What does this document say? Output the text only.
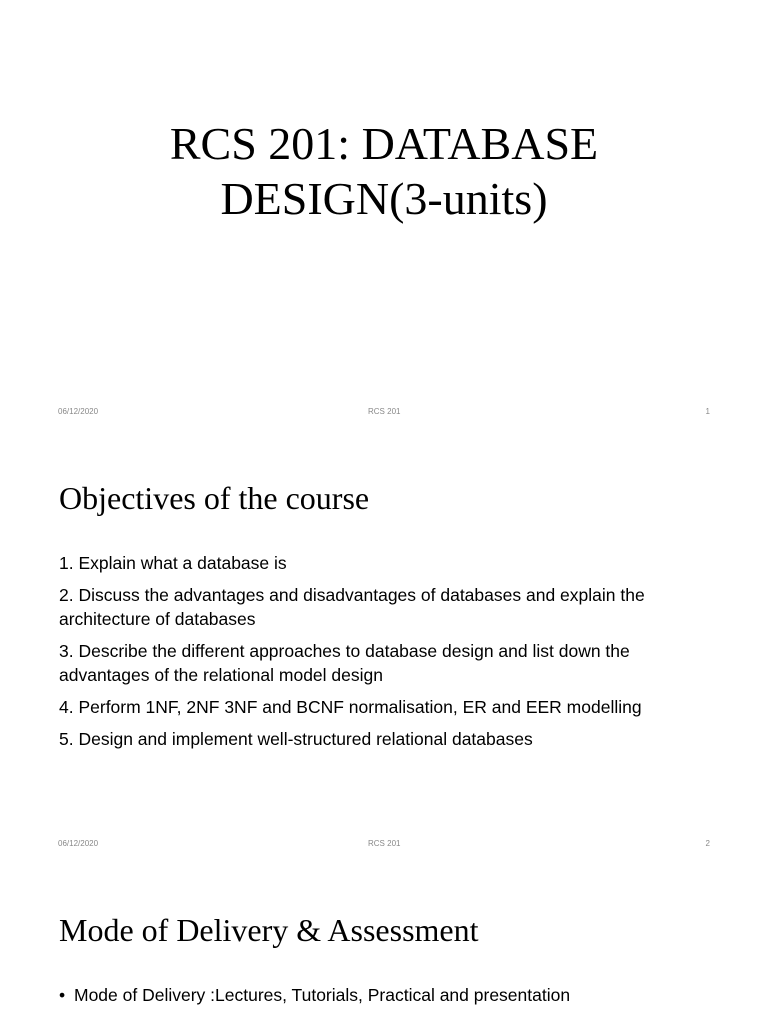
RCS 201: DATABASE
DESIGN(3-units)
06/12/2020	RCS 201	1
Objectives of the course
1. Explain what a database is
2. Discuss the advantages and disadvantages of databases and explain the architecture of databases
3. Describe the different approaches to database design and list down the advantages of the relational model design
4. Perform 1NF, 2NF 3NF and BCNF normalisation, ER and EER modelling
5. Design and implement well-structured relational databases
06/12/2020	RCS 201	2
Mode of Delivery & Assessment
• Mode of Delivery :Lectures, Tutorials, Practical and presentation
